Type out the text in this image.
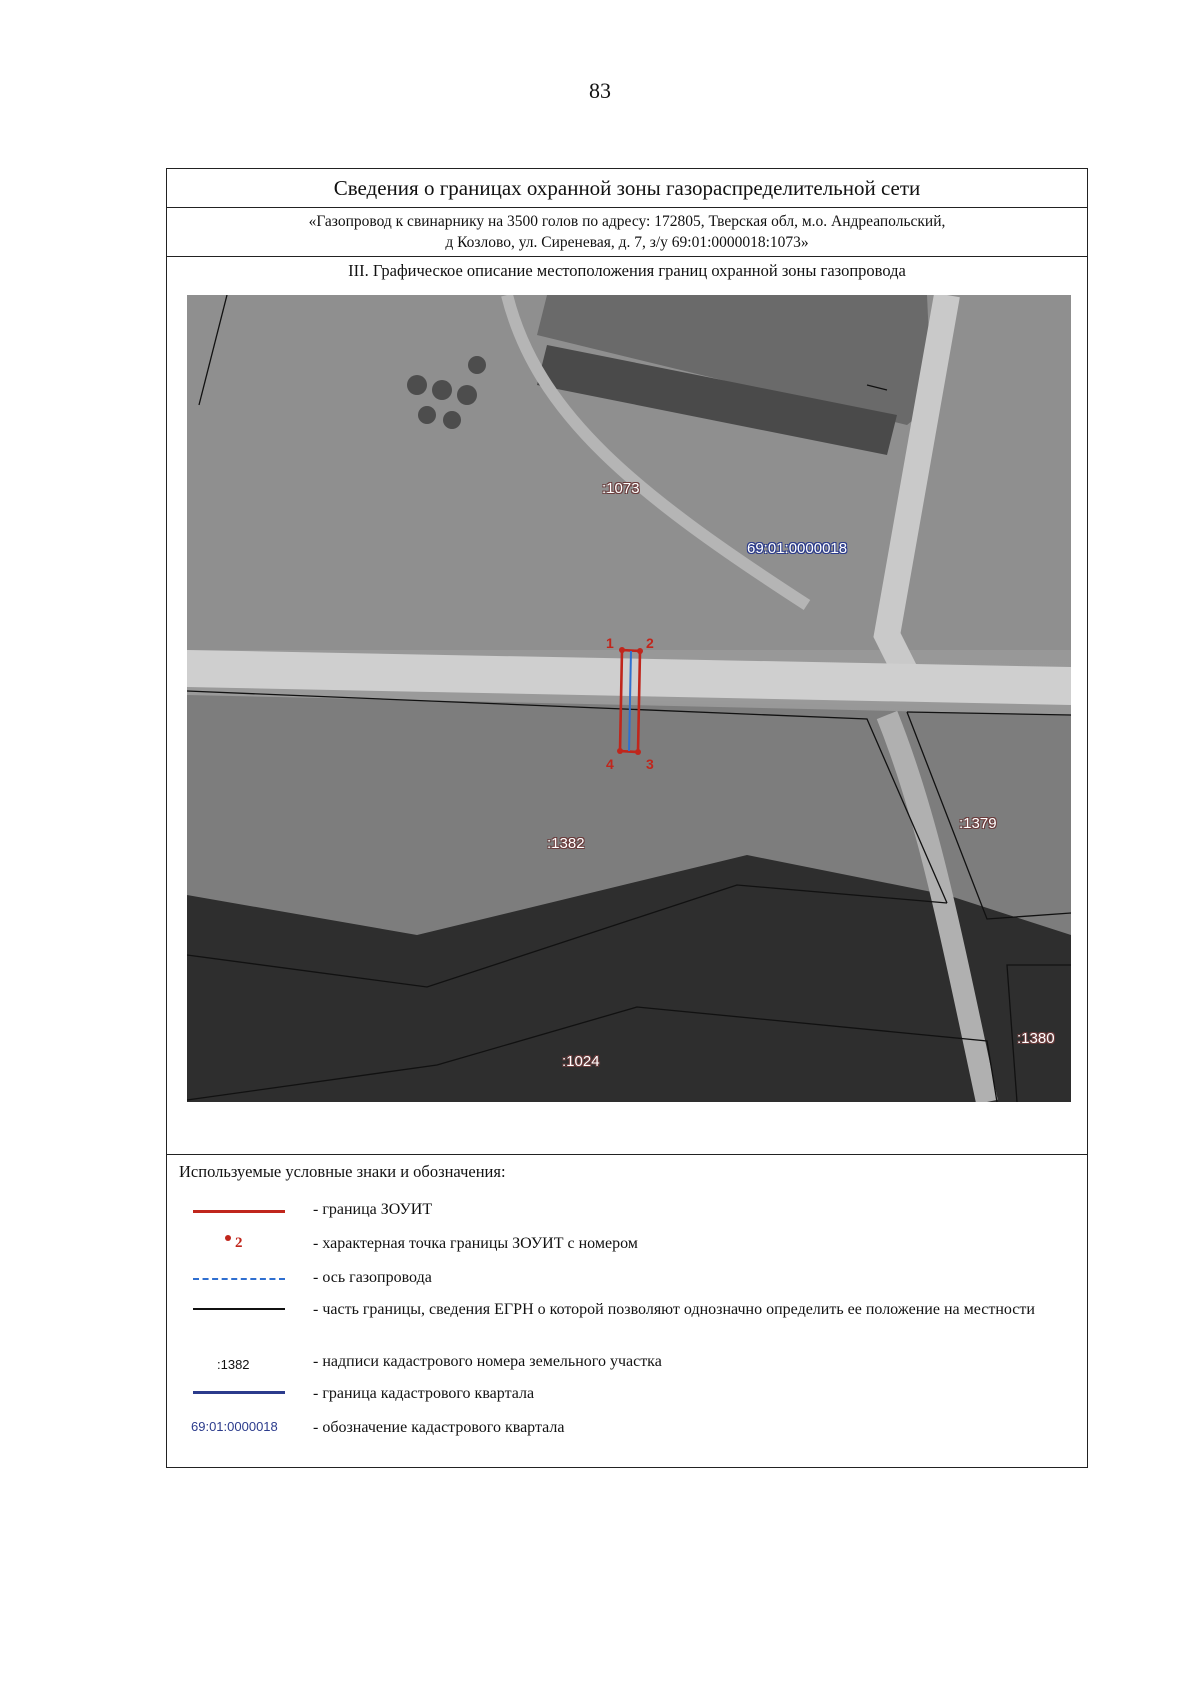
83
Сведения о границах охранной зоны газораспределительной сети
«Газопровод к свинарнику на 3500 голов по адресу: 172805, Тверская обл, м.о. Андреапольский,
д Козлово, ул. Сиреневая, д. 7, з/у 69:01:0000018:1073»
III. Графическое описание местоположения границ охранной зоны газопровода
1 2
3
4
:1073
:1382
:1379
:1380
:1024
69:01:0000018
Используемые условные знаки и обозначения:
- граница ЗОУИТ
2	- характерная точка границы ЗОУИТ с номером
- ось газопровода
- часть границы, сведения ЕГРН о которой позволяют однозначно определить ее положение на местности
:1382	- надписи кадастрового номера земельного участка
- граница кадастрового квартала
69:01:0000018 - обозначение кадастрового квартала
